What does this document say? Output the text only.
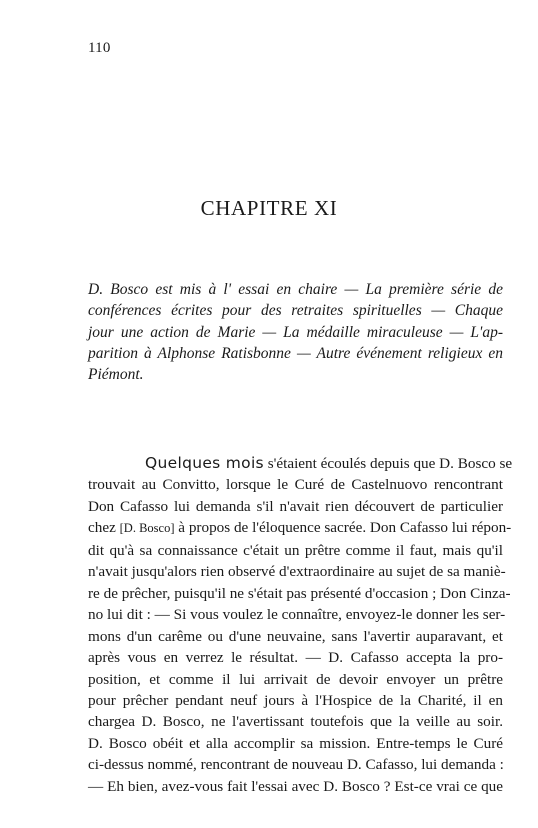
110
CHAPITRE XI
D. Bosco est mis à l' essai en chaire — La première série de
conférences écrites pour des retraites spirituelles — Chaque
jour une action de Marie — La médaille miraculeuse — L'ap-
parition à Alphonse Ratisbonne — Autre événement religieux en
Piémont.
Quelques mois s'étaient écoulés depuis que D. Bosco se
trouvait au Convitto, lorsque le Curé de Castelnuovo rencontrant
Don Cafasso lui demanda s'il n'avait rien découvert de particulier
chez [D. Bosco] à propos de l'éloquence sacrée. Don Cafasso lui répon-
dit qu'à sa connaissance c'était un prêtre comme il faut, mais qu'il
n'avait jusqu'alors rien observé d'extraordinaire au sujet de sa maniè-
re de prêcher, puisqu'il ne s'était pas présenté d'occasion ; Don Cinza-
no lui dit : — Si vous voulez le connaître, envoyez-le donner les ser-
mons d'un carême ou d'une neuvaine, sans l'avertir auparavant, et
après vous en verrez le résultat. — D. Cafasso accepta la pro-
position, et comme il lui arrivait de devoir envoyer un prêtre
pour prêcher pendant neuf jours à l'Hospice de la Charité, il en
chargea D. Bosco, ne l'avertissant toutefois que la veille au soir.
D. Bosco obéit et alla accomplir sa mission. Entre-temps le Curé
ci-dessus nommé, rencontrant de nouveau D. Cafasso, lui demanda :
— Eh bien, avez-vous fait l'essai avec D. Bosco ? Est-ce vrai ce que
